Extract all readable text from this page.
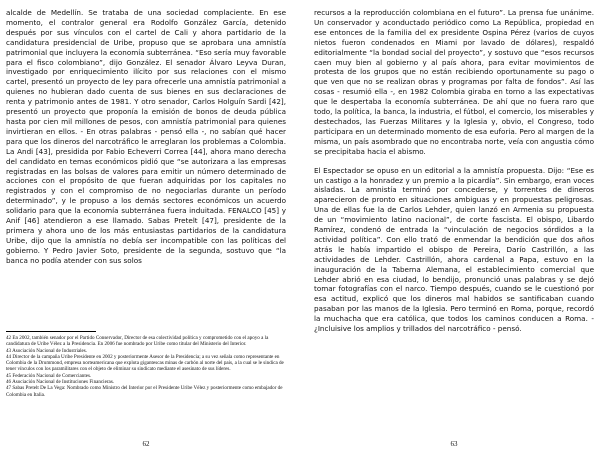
alcalde de Medellín. Se trataba de una sociedad complaciente. En ese momento, el contralor general era Rodolfo González García, detenido después por sus vínculos con el cartel de Cali y ahora partidario de la candidatura presidencial de Uribe, propuso que se aprobara una amnistía patrimonial que incluyera la economía subterránea. “Eso sería muy favorable para el fisco colombiano”, dijo González. El senador Álvaro Leyva Duran, investigado por enriquecimiento ilícito por sus relaciones con el mismo cartel, presentó un proyecto de ley para ofrecerle una amnistía patrimonial a quienes no hubieran dado cuenta de sus bienes en sus declaraciones de renta y patrimonio antes de 1981. Y otro senador, Carlos Holguín Sardi [42], presentó un proyecto que proponía la emisión de bonos de deuda pública hasta por cien mil millones de pesos, con amnistía patrimonial para quienes invirtieran en ellos. - En otras palabras - pensó ella -, no sabían qué hacer para que los dineros del narcotráfico le arreglaran los problemas a Colombia. La Andi [43], presidida por Fabio Echeverri Correa [44], ahora mano derecha del candidato en temas económicos pidió que “se autorizara a las empresas registradas en las bolsas de valores para emitir un número determinado de acciones con el propósito de que fueran adquiridas por los capitales no registrados y con el compromiso de no negociarlas durante un período determinado”, y le propuso a los demás sectores económicos un acuerdo solidario para que la economía subterránea fuera induitada. FENALCO [45] y Anif [46] atendieron a ese llamado. Sabas Pretelt [47], presidente de la primera y ahora uno de los más entusiastas partidarios de la candidatura Uribe, dijo que la amnistía no debía ser incompatible con las políticas del gobierno. Y Pedro Javier Soto, presidente de la segunda, sostuvo que “la banca no podía atender con sus solos

42 En 2002, también senador por el Partido Conservador, Director de esa colectividad política y comprometido con el apoyo a la candidatura de Uribe Vélez a la Presidencia. En 2006 fue nombrado por Uribe como titular del Ministerio del Interior.

43 Asociación Nacional de Industriales.

44 Director de la campaña Uribe Presidente en 2002 y posteriormente Asesor de la Presidencia; a su vez señala como representante en Colombia de la Drummond, empresa norteamericana que explota gigantescas minas de carbón al norte del país, a la cual se le sindica de tener vínculos con los paramilitares con el objeto de eliminar su sindicato mediante el asesinato de sus líderes.

45 Federación Nacional de Comerciantes.

46 Asociación Nacional de Instituciones Financieras.

47 Sabas Pretelt De La Vega: Nombrado como Ministro del Interior por el Presidente Uribe Vélez y posteriormente como embajador de Colombia en Italia.

62

recursos a la reproducción colombiana en el futuro”. La prensa fue unánime. Un conservador y aconductado periódico como La República, propiedad en ese entonces de la familia del ex presidente Ospina Pérez (varios de cuyos nietos fueron condenados en Miami por lavado de dólares), respaldó editorialmente “la bondad social del proyecto”, y sostuvo que “esos recursos caen muy bien al gobierno y al país ahora, para evitar movimientos de protesta de los grupos que no están recibiendo oportunamente su pago o que ven que no se realizan obras y programas por falta de fondos”. Así las cosas - resumió ella -, en 1982 Colombia giraba en torno a las expectativas que le despertaba la economía subterránea. De ahí que no fuera raro que todo, la política, la banca, la industria, el fútbol, el comercio, los miserables y destechados, las Fuerzas Militares y la Iglesia y, obvio, el Congreso, todo participara en un determinado momento de esa euforia. Pero al margen de la misma, un país asombrado que no encontraba norte, veía con angustia cómo se precipitaba hacia el abismo.

El Espectador se opuso en un editorial a la amnistía propuesta. Dijo: “Ese es un castigo a la honradez y un premio a la picardía”. Sin embargo, eran voces aisladas. La amnistía terminó por concederse, y torrentes de dineros aparecieron de pronto en situaciones ambiguas y en propuestas peligrosas. Una de ellas fue la de Carlos Lehder, quien lanzó en Armenia su propuesta de un “movimiento latino nacional”, de corte fascista. El obispo, Libardo Ramírez, condenó de entrada la “vinculación de negocios sórdidos a la actividad política”. Con ello trató de enmendar la bendición que dos años atrás le había impartido el obispo de Pereira, Darío Castrillón, a las actividades de Lehder. Castrillón, ahora cardenal a Papa, estuvo en la inauguración de la Taberna Alemana, el establecimiento comercial que Lehder abrió en esa ciudad, lo bendijo, pronunció unas palabras y se dejó tomar fotografías con el narco. Tiempo después, cuando se le cuestionó por esa actitud, explicó que los dineros mal habidos se santificaban cuando pasaban por las manos de la Iglesia. Pero terminó en Roma, porque, recordó la muchacha que era católica, que todos los caminos conducen a Roma. - ¿Incluisive los amplios y trillados del narcotráfico - pensó.

63
